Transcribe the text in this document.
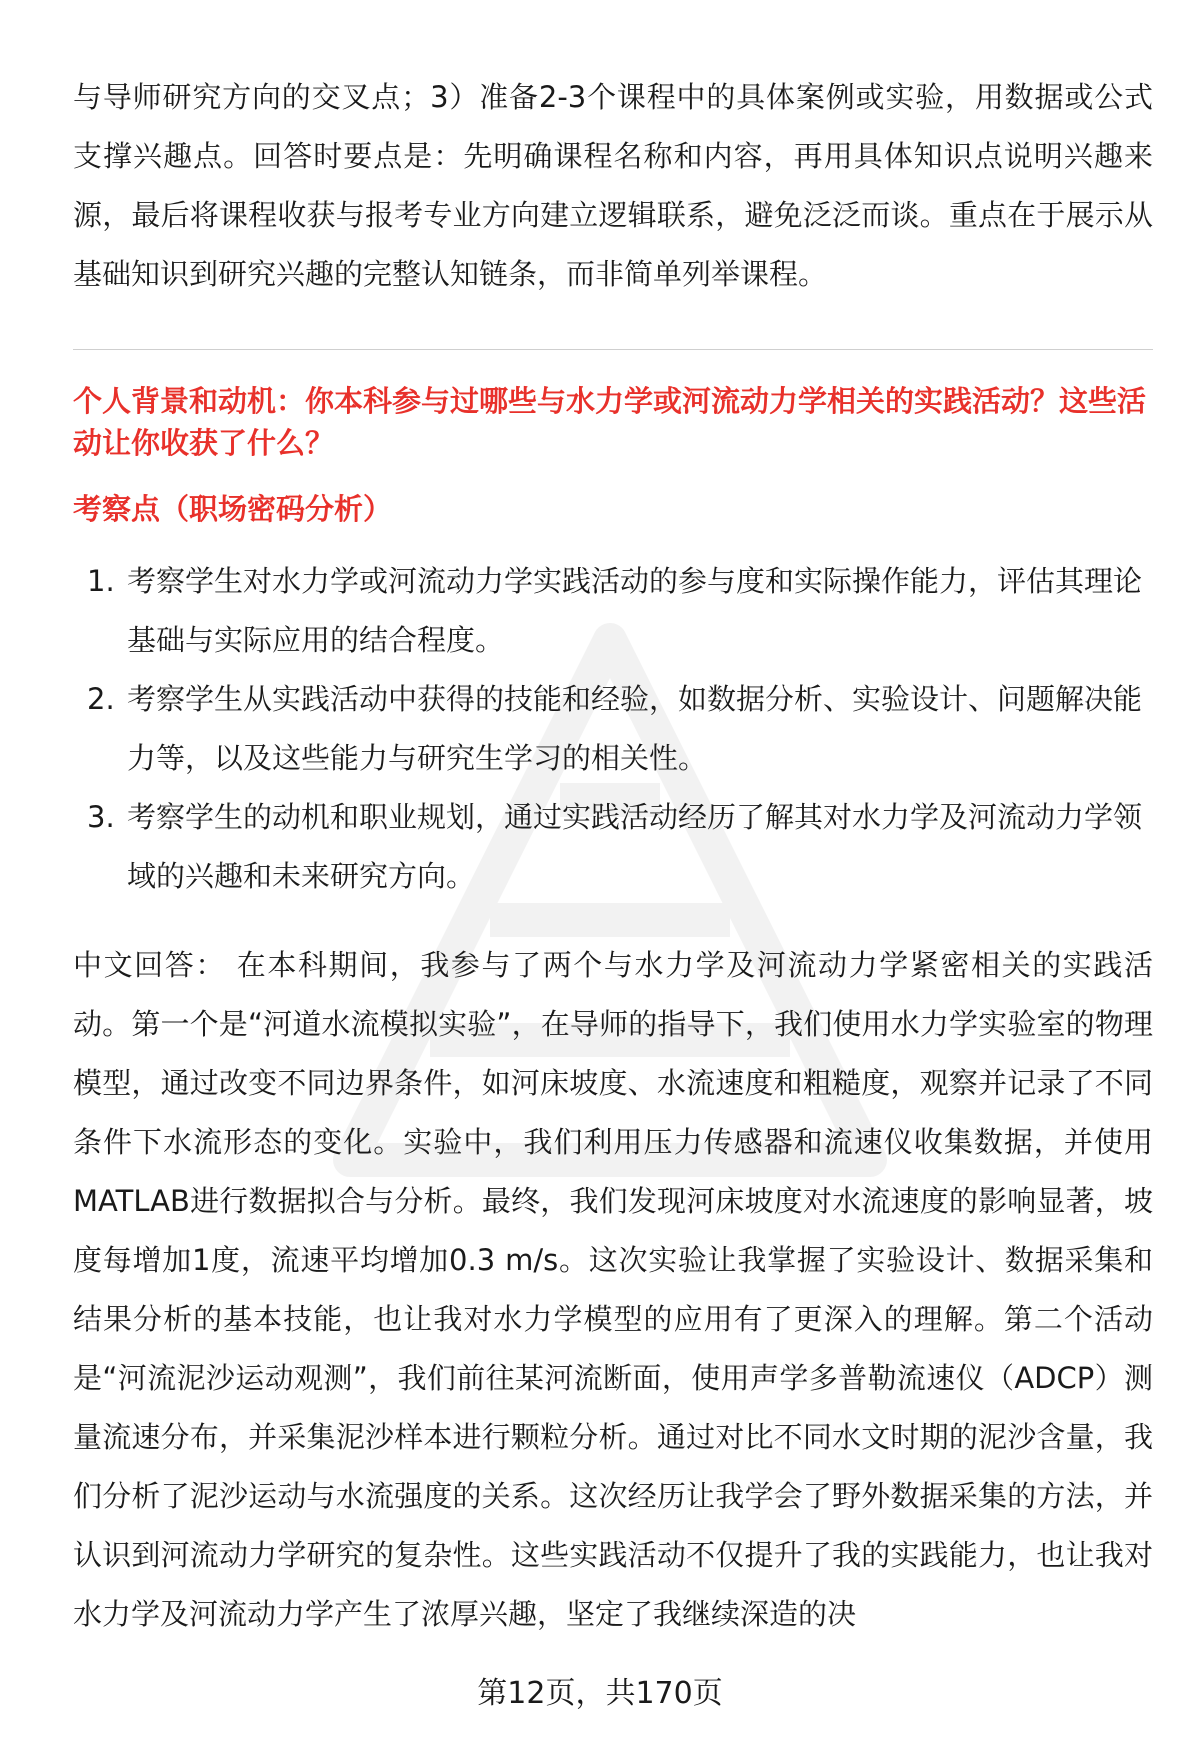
与导师研究方向的交叉点；3）准备2-3个课程中的具体案例或实验，用数据或公式支撑兴趣点。回答时要点是：先明确课程名称和内容，再用具体知识点说明兴趣来源，最后将课程收获与报考专业方向建立逻辑联系，避免泛泛而谈。重点在于展示从基础知识到研究兴趣的完整认知链条，而非简单列举课程。

个人背景和动机：你本科参与过哪些与水力学或河流动力学相关的实践活动？这些活动让你收获了什么？

考察点（职场密码分析）

1. 考察学生对水力学或河流动力学实践活动的参与度和实际操作能力，评估其理论基础与实际应用的结合程度。
2. 考察学生从实践活动中获得的技能和经验，如数据分析、实验设计、问题解决能力等，以及这些能力与研究生学习的相关性。
3. 考察学生的动机和职业规划，通过实践活动经历了解其对水力学及河流动力学领域的兴趣和未来研究方向。

中文回答： 在本科期间，我参与了两个与水力学及河流动力学紧密相关的实践活动。第一个是“河道水流模拟实验”，在导师的指导下，我们使用水力学实验室的物理模型，通过改变不同边界条件，如河床坡度、水流速度和粗糙度，观察并记录了不同条件下水流形态的变化。实验中，我们利用压力传感器和流速仪收集数据，并使用MATLAB进行数据拟合与分析。最终，我们发现河床坡度对水流速度的影响显著，坡度每增加1度，流速平均增加0.3 m/s。这次实验让我掌握了实验设计、数据采集和结果分析的基本技能，也让我对水力学模型的应用有了更深入的理解。第二个活动是“河流泥沙运动观测”，我们前往某河流断面，使用声学多普勒流速仪（ADCP）测量流速分布，并采集泥沙样本进行颗粒分析。通过对比不同水文时期的泥沙含量，我们分析了泥沙运动与水流强度的关系。这次经历让我学会了野外数据采集的方法，并认识到河流动力学研究的复杂性。这些实践活动不仅提升了我的实践能力，也让我对水力学及河流动力学产生了浓厚兴趣，坚定了我继续深造的决

第12页，共170页
